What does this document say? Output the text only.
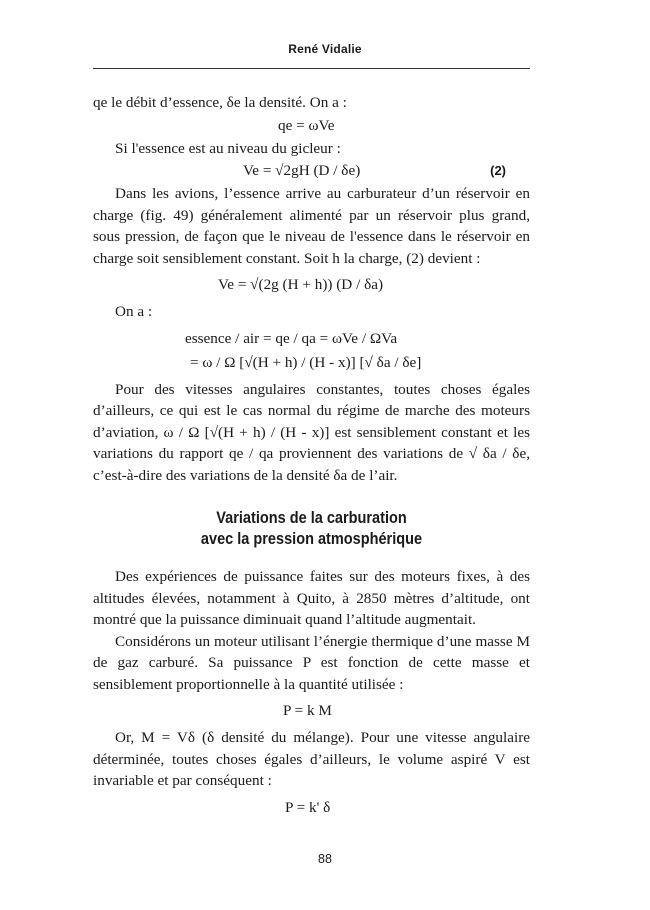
René Vidalie

qe le débit d’essence, δe la densité. On a :

qe = ωVe

Si l'essence est au niveau du gicleur :

Ve = √2gH (D / δe)	(2)

Dans les avions, l’essence arrive au carburateur d’un réservoir en charge (fig. 49) généralement alimenté par un réservoir plus grand, sous pression, de façon que le niveau de l'essence dans le réservoir en charge soit sensiblement constant. Soit h la charge, (2) devient :

Ve = √(2g (H + h)) (D / δa)

On a :

essence / air = qe / qa = ωVe / ΩVa
= ω / Ω [√(H + h) / (H - x)] [√ δa / δe]

Pour des vitesses angulaires constantes, toutes choses égales d’ailleurs, ce qui est le cas normal du régime de marche des moteurs d’aviation, ω / Ω [√(H + h) / (H - x)] est sensiblement constant et les variations du rapport qe / qa proviennent des variations de √ δa / δe, c’est-à-dire des variations de la densité δa de l’air.

Variations de la carburation
avec la pression atmosphérique

Des expériences de puissance faites sur des moteurs fixes, à des altitudes élevées, notamment à Quito, à 2850 mètres d’altitude, ont montré que la puissance diminuait quand l’altitude augmentait.

Considérons un moteur utilisant l’énergie thermique d’une masse M de gaz carburé. Sa puissance P est fonction de cette masse et sensiblement proportionnelle à la quantité utilisée :

P = k M

Or, M = Vδ (δ densité du mélange). Pour une vitesse angulaire déterminée, toutes choses égales d’ailleurs, le volume aspiré V est invariable et par conséquent :

P = k' δ
88
